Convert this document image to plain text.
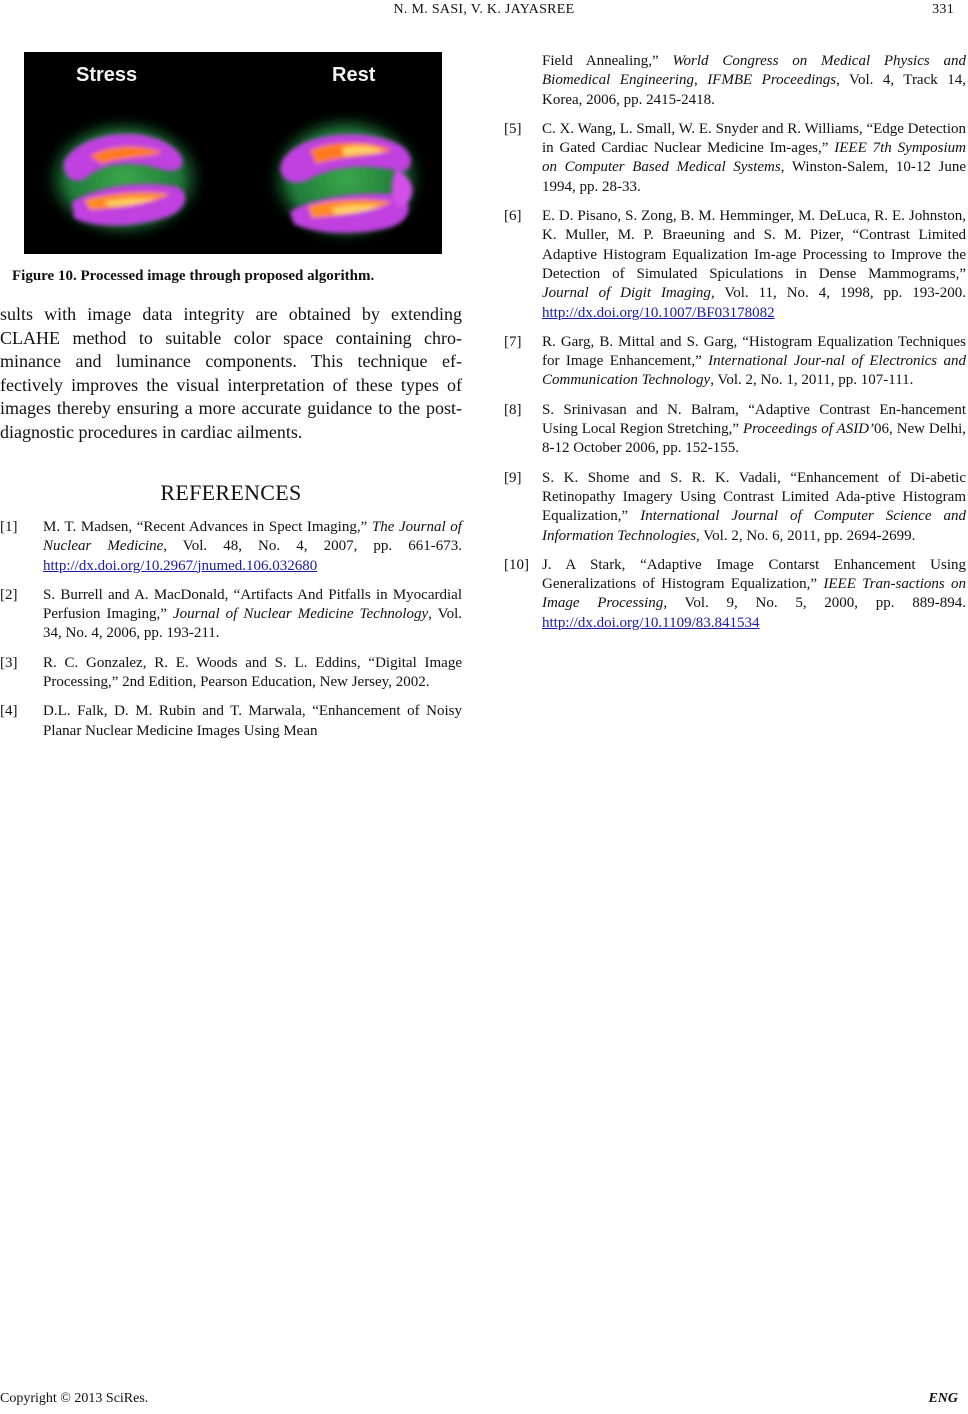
N. M. SASI, V. K. JAYASREE	331
Stress	Rest
Figure 10. Processed image through proposed algorithm.
sults with image data integrity are obtained by extending CLAHE method to suitable color space containing chro-minance and luminance components. This technique ef-fectively improves the visual interpretation of these types of images thereby ensuring a more accurate guidance to the post-diagnostic procedures in cardiac ailments.
REFERENCES
[1] M. T. Madsen, “Recent Advances in Spect Imaging,” The Journal of Nuclear Medicine, Vol. 48, No. 4, 2007, pp. 661-673. http://dx.doi.org/10.2967/jnumed.106.032680
[2] S. Burrell and A. MacDonald, “Artifacts And Pitfalls in Myocardial Perfusion Imaging,” Journal of Nuclear Medicine Technology, Vol. 34, No. 4, 2006, pp. 193-211.
[3] R. C. Gonzalez, R. E. Woods and S. L. Eddins, “Digital Image Processing,” 2nd Edition, Pearson Education, New Jersey, 2002.
[4] D.L. Falk, D. M. Rubin and T. Marwala, “Enhancement of Noisy Planar Nuclear Medicine Images Using Mean
Field Annealing,” World Congress on Medical Physics and Biomedical Engineering, IFMBE Proceedings, Vol. 4, Track 14, Korea, 2006, pp. 2415-2418.
[5] C. X. Wang, L. Small, W. E. Snyder and R. Williams, “Edge Detection in Gated Cardiac Nuclear Medicine Im-ages,” IEEE 7th Symposium on Computer Based Medical Systems, Winston-Salem, 10-12 June 1994, pp. 28-33.
[6] E. D. Pisano, S. Zong, B. M. Hemminger, M. DeLuca, R. E. Johnston, K. Muller, M. P. Braeuning and S. M. Pizer, “Contrast Limited Adaptive Histogram Equalization Im-age Processing to Improve the Detection of Simulated Spiculations in Dense Mammograms,” Journal of Digit Imaging, Vol. 11, No. 4, 1998, pp. 193-200. http://dx.doi.org/10.1007/BF03178082
[7] R. Garg, B. Mittal and S. Garg, “Histogram Equalization Techniques for Image Enhancement,” International Jour-nal of Electronics and Communication Technology, Vol. 2, No. 1, 2011, pp. 107-111.
[8] S. Srinivasan and N. Balram, “Adaptive Contrast En-hancement Using Local Region Stretching,” Proceedings of ASID’06, New Delhi, 8-12 October 2006, pp. 152-155.
[9] S. K. Shome and S. R. K. Vadali, “Enhancement of Di-abetic Retinopathy Imagery Using Contrast Limited Ada-ptive Histogram Equalization,” International Journal of Computer Science and Information Technologies, Vol. 2, No. 6, 2011, pp. 2694-2699.
[10] J. A Stark, “Adaptive Image Contarst Enhancement Using Generalizations of Histogram Equalization,” IEEE Tran-sactions on Image Processing, Vol. 9, No. 5, 2000, pp. 889-894. http://dx.doi.org/10.1109/83.841534
Copyright © 2013 SciRes.	ENG
